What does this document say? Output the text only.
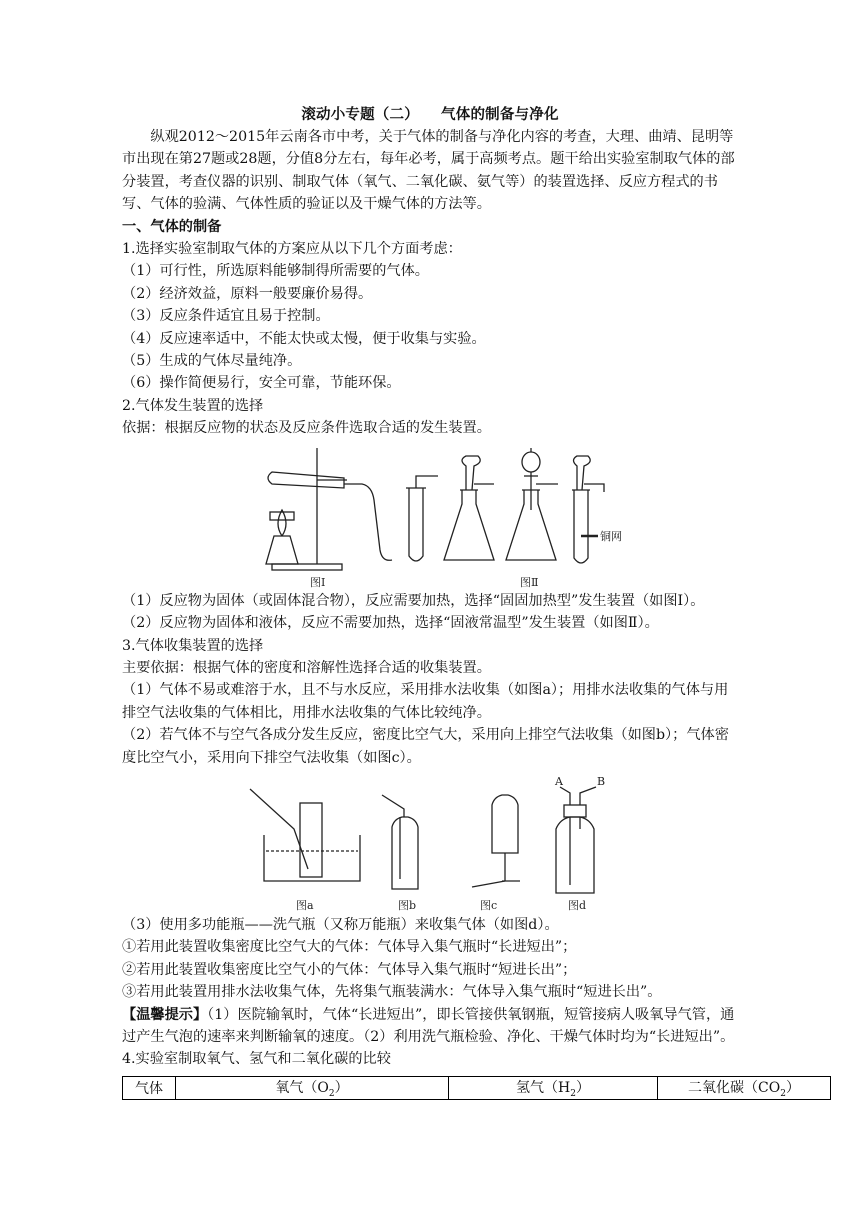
滚动小专题（二）　　气体的制备与净化

纵观2012～2015年云南各市中考，关于气体的制备与净化内容的考查，大理、曲靖、昆明等市出现在第27题或28题，分值8分左右，每年必考，属于高频考点。题干给出实验室制取气体的部分装置，考查仪器的识别、制取气体（氧气、二氧化碳、氨气等）的装置选择、反应方程式的书写、气体的验满、气体性质的验证以及干燥气体的方法等。

一、气体的制备

1.选择实验室制取气体的方案应从以下几个方面考虑：

（1）可行性，所选原料能够制得所需要的气体。

（2）经济效益，原料一般要廉价易得。

（3）反应条件适宜且易于控制。

（4）反应速率适中，不能太快或太慢，便于收集与实验。

（5）生成的气体尽量纯净。

（6）操作简便易行，安全可靠，节能环保。

2.气体发生装置的选择

依据：根据反应物的状态及反应条件选取合适的发生装置。

铜网
图Ⅰ	图Ⅱ

（1）反应物为固体（或固体混合物），反应需要加热，选择“固固加热型”发生装置（如图Ⅰ）。

（2）反应物为固体和液体，反应不需要加热，选择“固液常温型”发生装置（如图Ⅱ）。

3.气体收集装置的选择

主要依据：根据气体的密度和溶解性选择合适的收集装置。

（1）气体不易或难溶于水，且不与水反应，采用排水法收集（如图a）；用排水法收集的气体与用排空气法收集的气体相比，用排水法收集的气体比较纯净。

（2）若气体不与空气各成分发生反应，密度比空气大，采用向上排空气法收集（如图b）；气体密度比空气小，采用向下排空气法收集（如图c）。

A	B
图a	图b	图c	图d

（3）使用多功能瓶——洗气瓶（又称万能瓶）来收集气体（如图d）。

①若用此装置收集密度比空气大的气体：气体导入集气瓶时“长进短出”；

②若用此装置收集密度比空气小的气体：气体导入集气瓶时“短进长出”；

③若用此装置用排水法收集气体，先将集气瓶装满水：气体导入集气瓶时“短进长出”。

【温馨提示】（1）医院输氧时，气体“长进短出”，即长管接供氧钢瓶，短管接病人吸氧导气管，通过产生气泡的速率来判断输氧的速度。（2）利用洗气瓶检验、净化、干燥气体时均为“长进短出”。

4.实验室制取氧气、氢气和二氧化碳的比较

气体	氧气$(O_2)$	氢气$(H_2)$	二氧化碳$(CO_2)$
